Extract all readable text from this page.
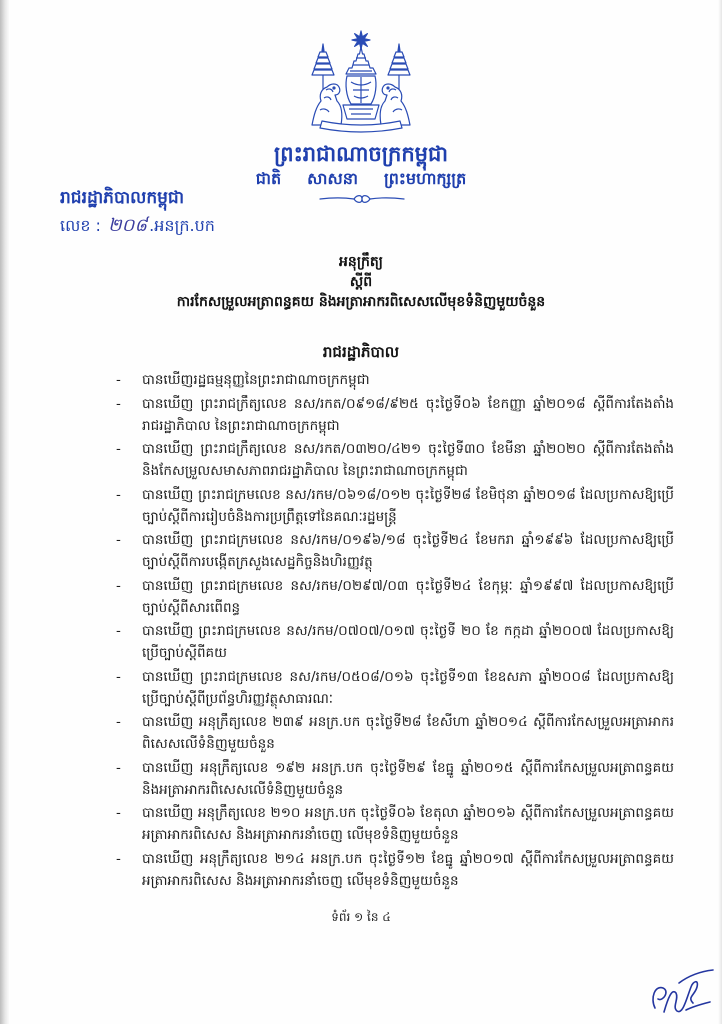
ព្រះរាជាណាចក្រកម្ពុជា
ជាតិ សាសនា ព្រះមហាក្សត្រ
រាជរដ្ឋាភិបាលកម្ពុជា
លេខ : ២០៨ .អនក្រ.បក
អនុក្រឹត្យ
ស្តីពី
ការកែសម្រួលអត្រាពន្ធគយ និងអត្រាអាករពិសេសលើមុខទំនិញមួយចំនួន
រាជរដ្ឋាភិបាល
-	បានឃើញរដ្ឋធម្មនុញ្ញនៃព្រះរាជាណាចក្រកម្ពុជា
-	បានឃើញ ព្រះរាជក្រឹត្យលេខ នស/រកត/០៩១៨/៩២៥ ចុះថ្ងៃទី០៦ ខែកញ្ញា ឆ្នាំ២០១៨ ស្តីពីការតែងតាំងរាជរដ្ឋាភិបាល នៃព្រះរាជាណាចក្រកម្ពុជា
-	បានឃើញ ព្រះរាជក្រឹត្យលេខ នស/រកត/០៣២០/៤២១ ចុះថ្ងៃទី៣០ ខែមីនា ឆ្នាំ២០២០ ស្តីពីការតែងតាំងនិងកែសម្រួលសមាសភាពរាជរដ្ឋាភិបាល នៃព្រះរាជាណាចក្រកម្ពុជា
-	បានឃើញ ព្រះរាជក្រមលេខ នស/រកម/០៦១៨/០១២ ចុះថ្ងៃទី២៨ ខែមិថុនា ឆ្នាំ២០១៨ ដែលប្រកាសឱ្យប្រើច្បាប់ស្តីពីការរៀបចំនិងការប្រព្រឹត្តទៅនៃគណៈរដ្ឋមន្ត្រី
-	បានឃើញ ព្រះរាជក្រមលេខ នស/រកម/០១៩៦/១៨ ចុះថ្ងៃទី២៤ ខែមករា ឆ្នាំ១៩៩៦ ដែលប្រកាសឱ្យប្រើច្បាប់ស្តីពីការបង្កើតក្រសួងសេដ្ឋកិច្ចនិងហិរញ្ញវត្ថុ
-	បានឃើញ ព្រះរាជក្រមលេខ នស/រកម/០២៩៧/០៣ ចុះថ្ងៃទី២៤ ខែកុម្ភៈ ឆ្នាំ១៩៩៧ ដែលប្រកាសឱ្យប្រើច្បាប់ស្តីពីសារពើពន្ធ
-	បានឃើញ ព្រះរាជក្រមលេខ នស/រកម/០៧០៧/០១៧ ចុះថ្ងៃទី ២០ ខែ កក្កដា ឆ្នាំ២០០៧ ដែលប្រកាសឱ្យប្រើច្បាប់ស្តីពីគយ
-	បានឃើញ ព្រះរាជក្រមលេខ នស/រកម/០៥០៨/០១៦ ចុះថ្ងៃទី១៣ ខែឧសភា ឆ្នាំ២០០៨ ដែលប្រកាសឱ្យប្រើច្បាប់ស្តីពីប្រព័ន្ធហិរញ្ញវត្ថុសាធារណៈ
-	បានឃើញ អនុក្រឹត្យលេខ ២៣៩ អនក្រ.បក ចុះថ្ងៃទី២៨ ខែសីហា ឆ្នាំ២០១៤ ស្តីពីការកែសម្រួលអត្រាអាករពិសេសលើទំនិញមួយចំនួន
-	បានឃើញ អនុក្រឹត្យលេខ ១៩២ អនក្រ.បក ចុះថ្ងៃទី២៩ ខែធ្នូ ឆ្នាំ២០១៥ ស្តីពីការកែសម្រួលអត្រាពន្ធគយ និងអត្រាអាករពិសេសលើទំនិញមួយចំនួន
-	បានឃើញ អនុក្រឹត្យលេខ ២១០ អនក្រ.បក ចុះថ្ងៃទី០៦ ខែតុលា ឆ្នាំ២០១៦ ស្តីពីការកែសម្រួលអត្រាពន្ធគយ អត្រាអាករពិសេស និងអត្រាអាករនាំចេញ លើមុខទំនិញមួយចំនួន
-	បានឃើញ អនុក្រឹត្យលេខ ២១៤ អនក្រ.បក ចុះថ្ងៃទី១២ ខែធ្នូ ឆ្នាំ២០១៧ ស្តីពីការកែសម្រួលអត្រាពន្ធគយ អត្រាអាករពិសេស និងអត្រាអាករនាំចេញ លើមុខទំនិញមួយចំនួន
ទំព័រ ១ នៃ ៤
